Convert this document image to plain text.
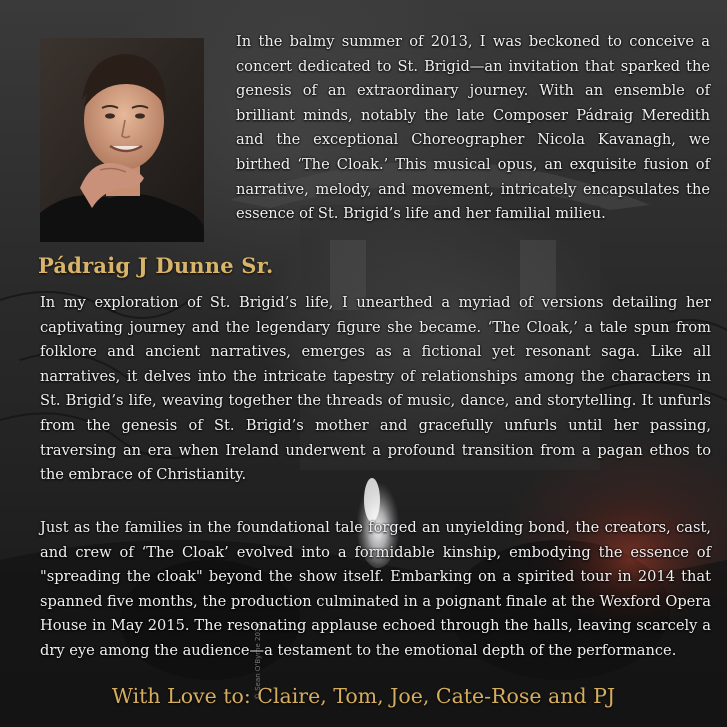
In the balmy summer of 2013, I was beckoned to conceive a concert dedicated to St. Brigid—an invitation that sparked the genesis of an extraordinary journey. With an ensemble of brilliant minds, notably the late Composer Pádraig Meredith and the exceptional Choreographer Nicola Kavanagh, we birthed ‘The Cloak.’ This musical opus, an exquisite fusion of narrative, melody, and movement, intricately encapsulates the essence of St. Brigid’s life and her familial milieu.

Pádraig J Dunne Sr.

In my exploration of St. Brigid’s life, I unearthed a myriad of versions detailing her captivating journey and the legendary figure she became. ‘The Cloak,’ a tale spun from folklore and ancient narratives, emerges as a fictional yet resonant saga. Like all narratives, it delves into the intricate tapestry of relationships among the characters in St. Brigid’s life, weaving together the threads of music, dance, and storytelling. It unfurls from the genesis of St. Brigid’s mother and gracefully unfurls until her passing, traversing an era when Ireland underwent a profound transition from a pagan ethos to the embrace of Christianity.

Just as the families in the foundational tale forged an unyielding bond, the creators, cast, and crew of ‘The Cloak’ evolved into a formidable kinship, embodying the essence of "spreading the cloak" beyond the show itself. Embarking on a spirited tour in 2014 that spanned five months, the production culminated in a poignant finale at the Wexford Opera House in May 2015. The resonating applause echoed through the halls, leaving scarcely a dry eye among the audience—a testament to the emotional depth of the performance.

© Sean O'Byrne 2014

With Love to: Claire, Tom, Joe, Cate-Rose and PJ
